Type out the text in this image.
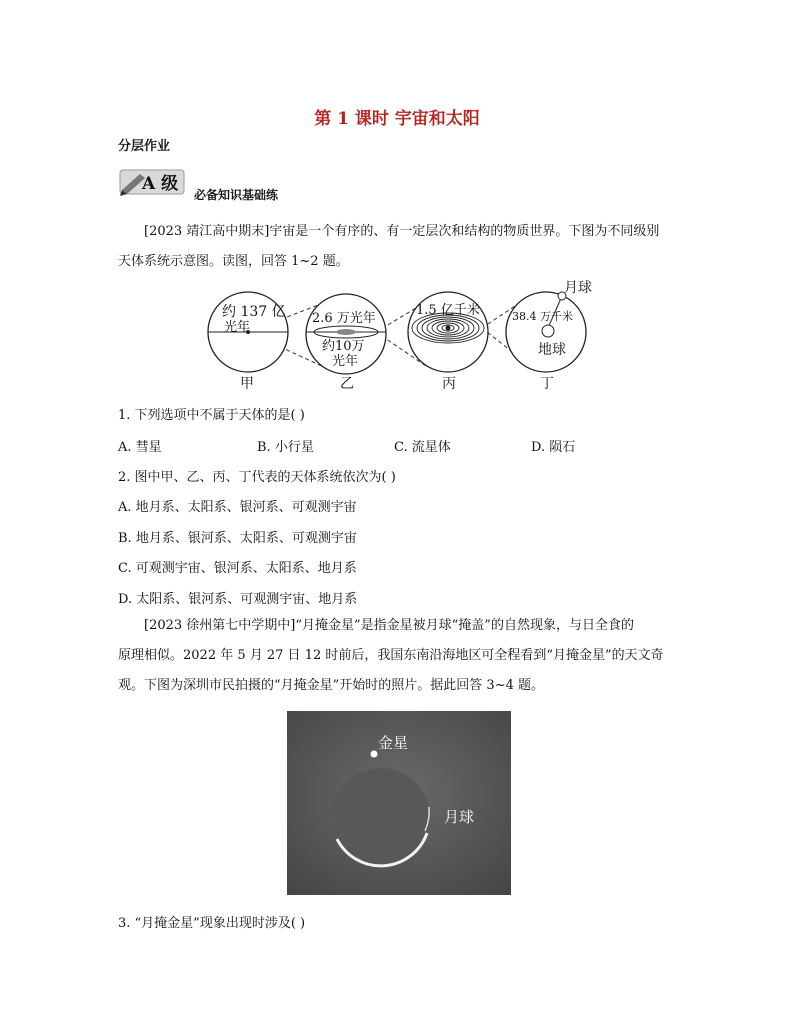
第 1 课时 宇宙和太阳
分层作业
A 级
必备知识基础练
[2023 靖江高中期末]宇宙是一个有序的、有一定层次和结构的物质世界。下图为不同级别
天体系统示意图。读图，回答 1~2 题。
约 137 亿
光年
甲
2.6 万光年
约10万
光年
乙
1.5 亿千米
丙
38.4 万千米
月球
地球
丁
1. 下列选项中不属于天体的是( )
A. 彗星	B. 小行星	C. 流星体	D. 陨石
2. 图中甲、乙、丙、丁代表的天体系统依次为( )
A. 地月系、太阳系、银河系、可观测宇宙
B. 地月系、银河系、太阳系、可观测宇宙
C. 可观测宇宙、银河系、太阳系、地月系
D. 太阳系、银河系、可观测宇宙、地月系
[2023 徐州第七中学期中]“月掩金星”是指金星被月球“掩盖”的自然现象，与日全食的
原理相似。2022 年 5 月 27 日 12 时前后，我国东南沿海地区可全程看到“月掩金星”的天文奇
观。下图为深圳市民拍摄的“月掩金星”开始时的照片。据此回答 3~4 题。
金星
月球
3. “月掩金星”现象出现时涉及( )
